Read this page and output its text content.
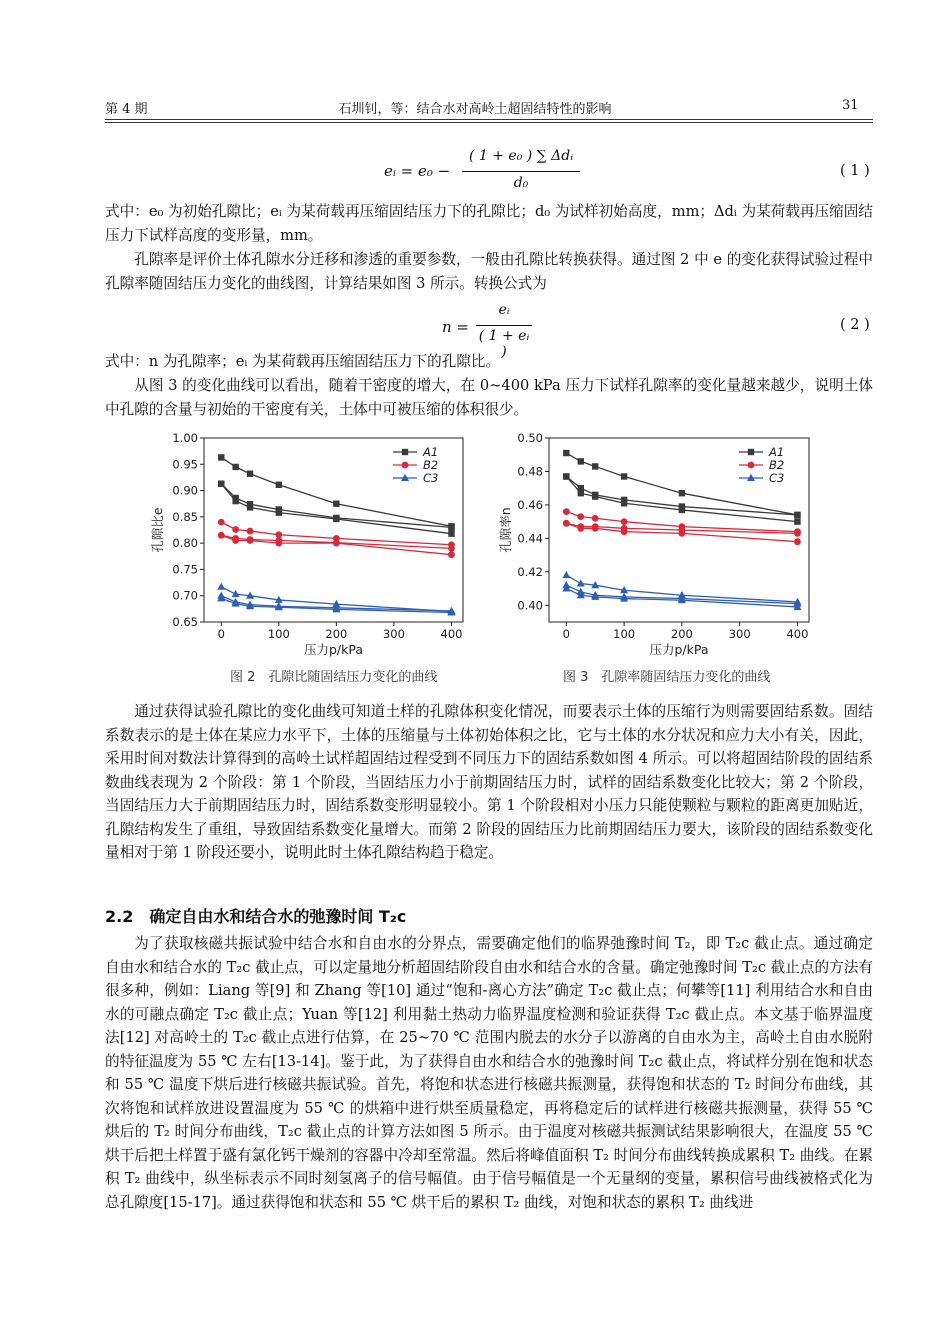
第 4 期	石圳钊，等：结合水对高岭土超固结特性的影响	31
eᵢ = e₀ −
( 1 + e₀ ) ∑ Δdᵢ
d₀
( 1 )

式中：e₀ 为初始孔隙比；eᵢ 为某荷载再压缩固结压力下的孔隙比；d₀ 为试样初始高度，mm；Δdᵢ 为某荷载再压缩固结压力下试样高度的变形量，mm。

孔隙率是评价土体孔隙水分迁移和渗透的重要参数，一般由孔隙比转换获得。通过图 2 中 e 的变化获得试验过程中孔隙率随固结压力变化的曲线图，计算结果如图 3 所示。转换公式为

n =
eᵢ
( 1 + eᵢ )
( 2 )

式中：n 为孔隙率；eᵢ 为某荷载再压缩固结压力下的孔隙比。

从图 3 的变化曲线可以看出，随着干密度的增大，在 0~400 kPa 压力下试样孔隙率的变化量越来越少，说明土体中孔隙的含量与初始的干密度有关，土体中可被压缩的体积很少。

0	100	200	300	400
0.65
0.70
0.75
0.80
0.85
0.90
0.95
1.00
压力p/kPa
孔隙比e
A1
B2
C3
0	100	200	300	400
0.40
0.42
0.44
0.46
0.48
0.50
压力p/kPa
孔隙率n
A1
B2
C3
图 2　孔隙比随固结压力变化的曲线	图 3　孔隙率随固结压力变化的曲线

通过获得试验孔隙比的变化曲线可知道土样的孔隙体积变化情况，而要表示土体的压缩行为则需要固结系数。固结系数表示的是土体在某应力水平下，土体的压缩量与土体初始体积之比，它与土体的水分状况和应力大小有关，因此，采用时间对数法计算得到的高岭土试样超固结过程受到不同压力下的固结系数如图 4 所示。可以将超固结阶段的固结系数曲线表现为 2 个阶段：第 1 个阶段，当固结压力小于前期固结压力时，试样的固结系数变化比较大；第 2 个阶段，当固结压力大于前期固结压力时，固结系数变形明显较小。第 1 个阶段相对小压力只能使颗粒与颗粒的距离更加贴近，孔隙结构发生了重组，导致固结系数变化量增大。而第 2 阶段的固结压力比前期固结压力要大，该阶段的固结系数变化量相对于第 1 阶段还要小，说明此时土体孔隙结构趋于稳定。

2.2　确定自由水和结合水的弛豫时间 T₂c

为了获取核磁共振试验中结合水和自由水的分界点，需要确定他们的临界弛豫时间 T₂，即 T₂c 截止点。通过确定自由水和结合水的 T₂c 截止点，可以定量地分析超固结阶段自由水和结合水的含量。确定弛豫时间 T₂c 截止点的方法有很多种，例如：Liang 等[9] 和 Zhang 等[10] 通过“饱和-离心方法”确定 T₂c 截止点；何攀等[11] 利用结合水和自由水的可融点确定 T₂c 截止点；Yuan 等[12] 利用黏土热动力临界温度检测和验证获得 T₂c 截止点。本文基于临界温度法[12] 对高岭土的 T₂c 截止点进行估算，在 25~70 ℃ 范围内脱去的水分子以游离的自由水为主，高岭土自由水脱附的特征温度为 55 ℃ 左右[13-14]。鉴于此，为了获得自由水和结合水的弛豫时间 T₂c 截止点，将试样分别在饱和状态和 55 ℃ 温度下烘后进行核磁共振试验。首先，将饱和状态进行核磁共振测量，获得饱和状态的 T₂ 时间分布曲线，其次将饱和试样放进设置温度为 55 ℃ 的烘箱中进行烘至质量稳定，再将稳定后的试样进行核磁共振测量，获得 55 ℃ 烘后的 T₂ 时间分布曲线，T₂c 截止点的计算方法如图 5 所示。由于温度对核磁共振测试结果影响很大，在温度 55 ℃ 烘干后把土样置于盛有氯化钙干燥剂的容器中冷却至常温。然后将峰值面积 T₂ 时间分布曲线转换成累积 T₂ 曲线。在累积 T₂ 曲线中，纵坐标表示不同时刻氢离子的信号幅值。由于信号幅值是一个无量纲的变量，累积信号曲线被格式化为总孔隙度[15-17]。通过获得饱和状态和 55 ℃ 烘干后的累积 T₂ 曲线，对饱和状态的累积 T₂ 曲线进
